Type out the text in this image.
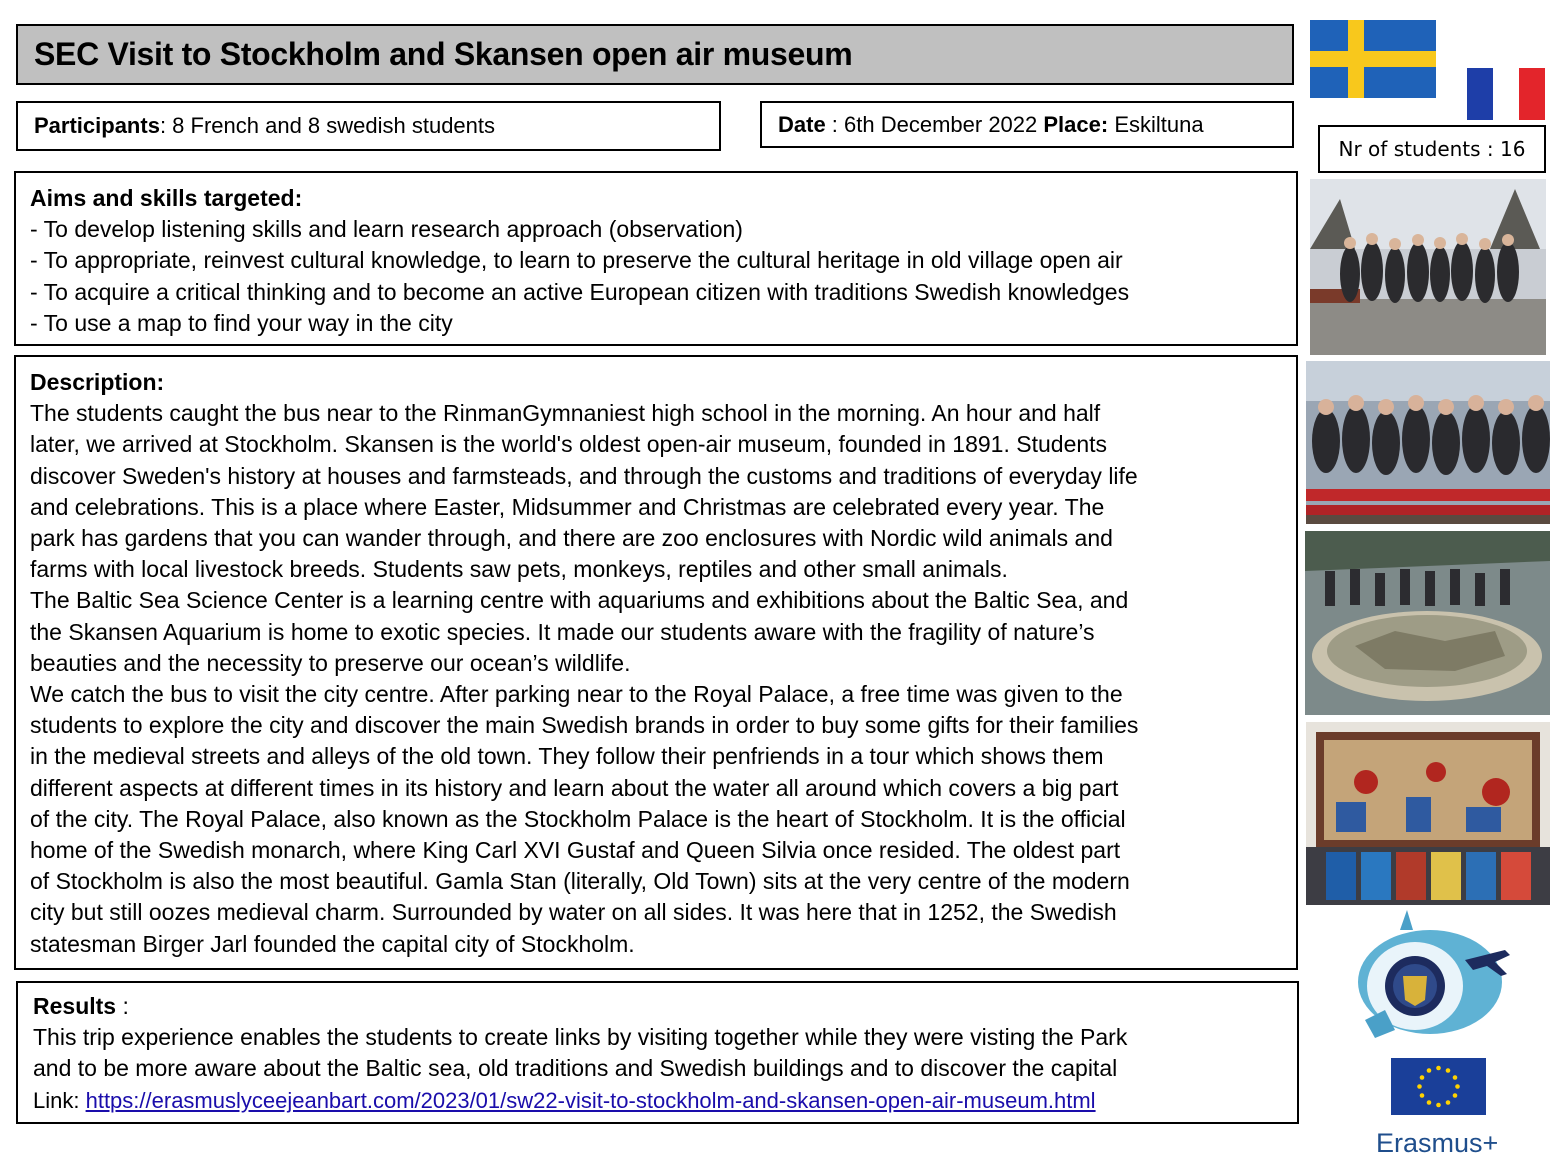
SEC Visit to Stockholm and Skansen open air museum
Participants: 8 French and 8 swedish students	Date : 6th December 2022 Place: Eskiltuna
Nr of students : 16
Aims and skills targeted:
- To develop listening skills and learn research approach (observation)
- To appropriate, reinvest cultural knowledge, to learn to preserve the cultural heritage in old village open air
- To acquire a critical thinking and to become an active European citizen with traditions Swedish knowledges
- To use a map to find your way in the city
Description:
The students caught the bus near to the RinmanGymnaniest high school in the morning. An hour and half
later, we arrived at Stockholm. Skansen is the world's oldest open-air museum, founded in 1891. Students
discover Sweden's history at houses and farmsteads, and through the customs and traditions of everyday life
and celebrations. This is a place where Easter, Midsummer and Christmas are celebrated every year. The
park has gardens that you can wander through, and there are zoo enclosures with Nordic wild animals and
farms with local livestock breeds. Students saw pets, monkeys, reptiles and other small animals.
The Baltic Sea Science Center is a learning centre with aquariums and exhibitions about the Baltic Sea, and
the Skansen Aquarium is home to exotic species. It made our students aware with the fragility of nature’s
beauties and the necessity to preserve our ocean’s wildlife.
We catch the bus to visit the city centre. After parking near to the Royal Palace, a free time was given to the
students to explore the city and discover the main Swedish brands in order to buy some gifts for their families
in the medieval streets and alleys of the old town. They follow their penfriends in a tour which shows them
different aspects at different times in its history and learn about the water all around which covers a big part
of the city. The Royal Palace, also known as the Stockholm Palace is the heart of Stockholm. It is the official
home of the Swedish monarch, where King Carl XVI Gustaf and Queen Silvia once resided. The oldest part
of Stockholm is also the most beautiful. Gamla Stan (literally, Old Town) sits at the very centre of the modern
city but still oozes medieval charm. Surrounded by water on all sides. It was here that in 1252, the Swedish
statesman Birger Jarl founded the capital city of Stockholm.
Results :
This trip experience enables the students to create links by visiting together while they were visting the Park
and to be more aware about the Baltic sea, old traditions and Swedish buildings and to discover the capital
Link: https://erasmuslyceejeanbart.com/2023/01/sw22-visit-to-stockholm-and-skansen-open-air-museum.html
Erasmus+
